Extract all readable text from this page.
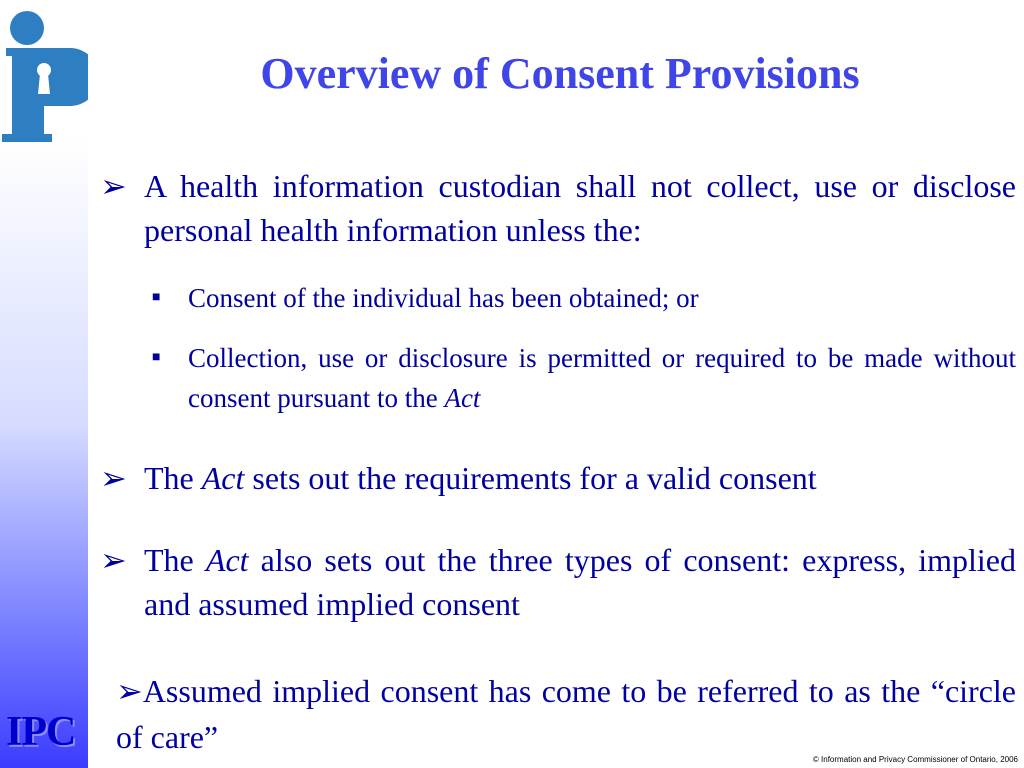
IPC
Overview of Consent Provisions
➢ A health information custodian shall not collect, use or disclose personal health information unless the:
■	Consent of the individual has been obtained; or
■	Collection, use or disclosure is permitted or required to be made without consent pursuant to the Act
➢ The Act sets out the requirements for a valid consent
➢ The Act also sets out the three types of consent: express, implied and assumed implied consent
➢Assumed implied consent has come to be referred to as the “circle of care”
© Information and Privacy Commissioner of Ontario, 2006
